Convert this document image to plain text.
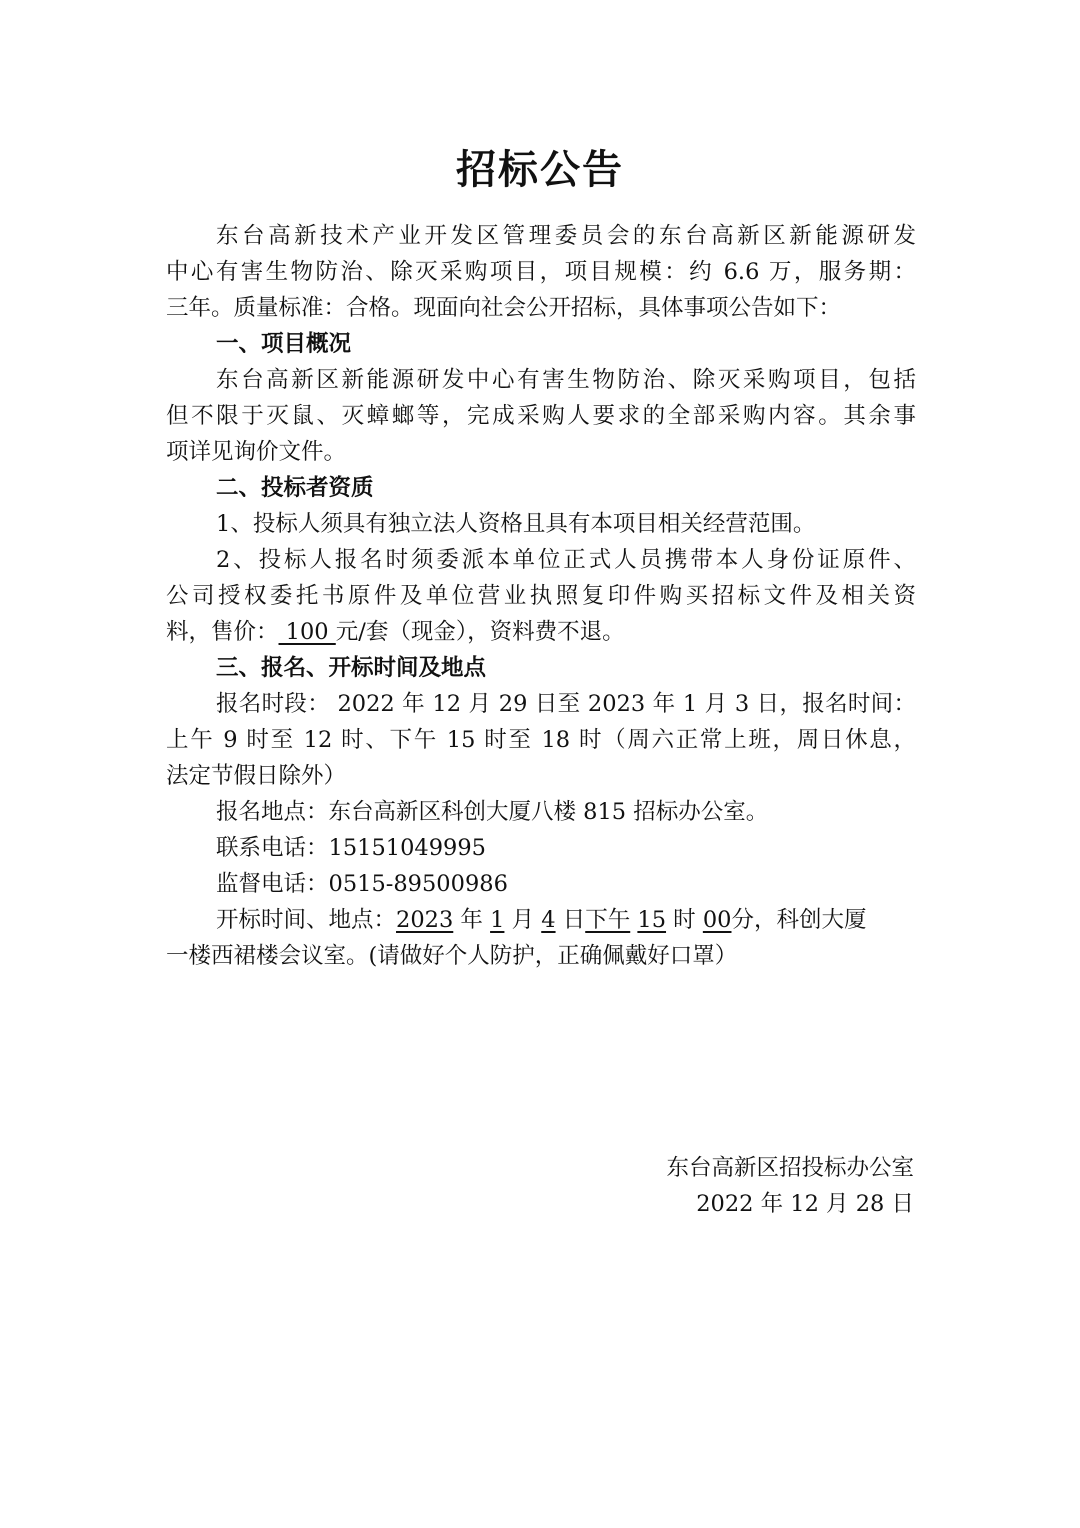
招标公告
东台高新技术产业开发区管理委员会的东台高新区新能源研发
中心有害生物防治、除灭采购项目，项目规模：约 6.6 万，服务期：
三年。质量标准：合格。现面向社会公开招标，具体事项公告如下：
一、项目概况
东台高新区新能源研发中心有害生物防治、除灭采购项目，包括
但不限于灭鼠、灭蟑螂等，完成采购人要求的全部采购内容。其余事
项详见询价文件。
二、投标者资质
1、投标人须具有独立法人资格且具有本项目相关经营范围。
2、投标人报名时须委派本单位正式人员携带本人身份证原件、
公司授权委托书原件及单位营业执照复印件购买招标文件及相关资
料，售价： 100 元/套（现金），资料费不退。
三、报名、开标时间及地点
报名时段： 2022 年 12 月 29 日至 2023 年 1 月 3 日，报名时间：
上午 9 时至 12 时、下午 15 时至 18 时（周六正常上班，周日休息，
法定节假日除外）
报名地点：东台高新区科创大厦八楼 815 招标办公室。
联系电话：15151049995
监督电话：0515-89500986
开标时间、地点：2023 年 1 月 4 日下午 15 时 00分，科创大厦
一楼西裙楼会议室。(请做好个人防护，正确佩戴好口罩）
东台高新区招投标办公室
2022 年 12 月 28 日
